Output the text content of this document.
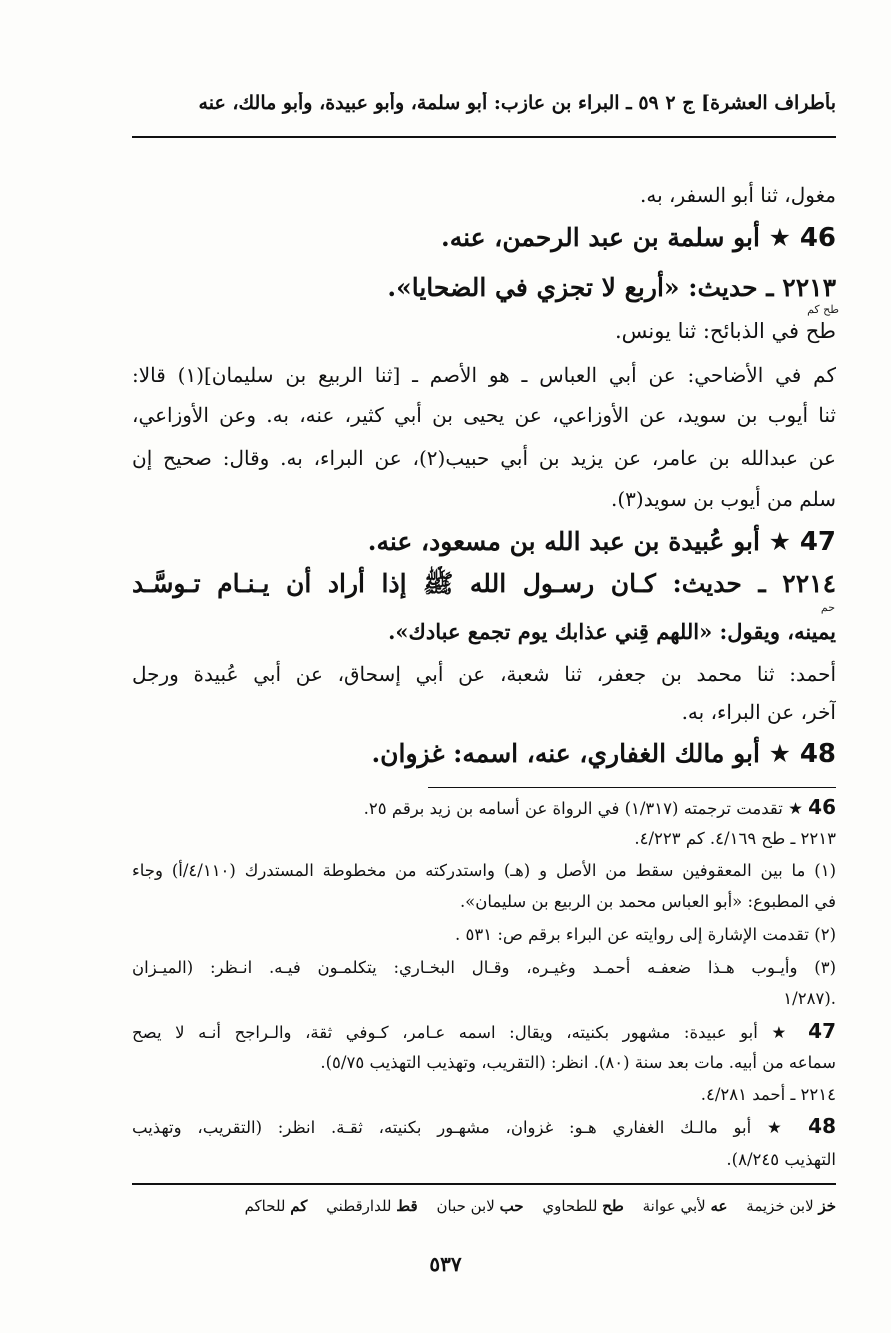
بأطراف العشرة] ج ٢ ٥٩ ـ البراء بن عازب: أبو سلمة، وأبو عبيدة، وأبو مالك، عنه
مغول، ثنا أبو السفر، به.
46 ★ أبو سلمة بن عبد الرحمن، عنه.
٢٢١٣ ـ حديث: «أربع لا تجزي في الضحايا».
طح كم
طح في الذبائح: ثنا يونس.
كم في الأضاحي: عن أبي العباس ـ هو الأصم ـ [ثنا الربيع بن سليمان](١) قالا:
ثنا أيوب بن سويد، عن الأوزاعي، عن يحيى بن أبي كثير، عنه، به. وعن الأوزاعي،
عن عبدالله بن عامر، عن يزيد بن أبي حبيب(٢)، عن البراء، به. وقال: صحيح إن
سلم من أيوب بن سويد(٣).
47 ★ أبو عُبيدة بن عبد الله بن مسعود، عنه.
٢٢١٤ ـ حديث: كـان رسـول الله ﷺ إذا أراد أن يـنـام تـوسَّـد
حم
يمينه، ويقول: «اللهم قِني عذابك يوم تجمع عبادك».
أحمد: ثنا محمد بن جعفر، ثنا شعبة، عن أبي إسحاق، عن أبي عُبيدة ورجل
آخر، عن البراء، به.
48 ★ أبو مالك الغفاري، عنه، اسمه: غزوان.
46 ★ تقدمت ترجمته (١/٣١٧) في الرواة عن أسامه بن زيد برقم ٢٥.
٢٢١٣ ـ طح ٤/١٦٩. كم ٤/٢٢٣.
(١) ما بين المعقوفين سقط من الأصل و (هـ) واستدركته من مخطوطة المستدرك (٤/١١٠/أ) وجاء
في المطبوع: «أبو العباس محمد بن الربيع بن سليمان».
(٢) تقدمت الإشارة إلى روايته عن البراء برقم ص: ٥٣١ .
(٣) وأيـوب هـذا ضعفـه أحمـد وغيـره، وقـال البخـاري: يتكلمـون فيـه. انـظر: (الميـزان
١/٢٨٧).
47 ★ أبو عبيدة: مشهور بكنيته، ويقال: اسمه عـامر، كـوفي ثقة، والـراجح أنـه لا يصح
سماعه من أبيه. مات بعد سنة (٨٠). انظر: (التقريب، وتهذيب التهذيب ٥/٧٥).
٢٢١٤ ـ أحمد ٤/٢٨١.
48 ★ أبو مالـك الغفاري هـو: غزوان، مشهـور بكنيته، ثقـة. انظر: (التقريب، وتهذيب
التهذيب ٨/٢٤٥).
خز لابن خزيمة عه لأبي عوانة طح للطحاوي حب لابن حبان قط للدارقطني كم للحاكم
٥٣٧
